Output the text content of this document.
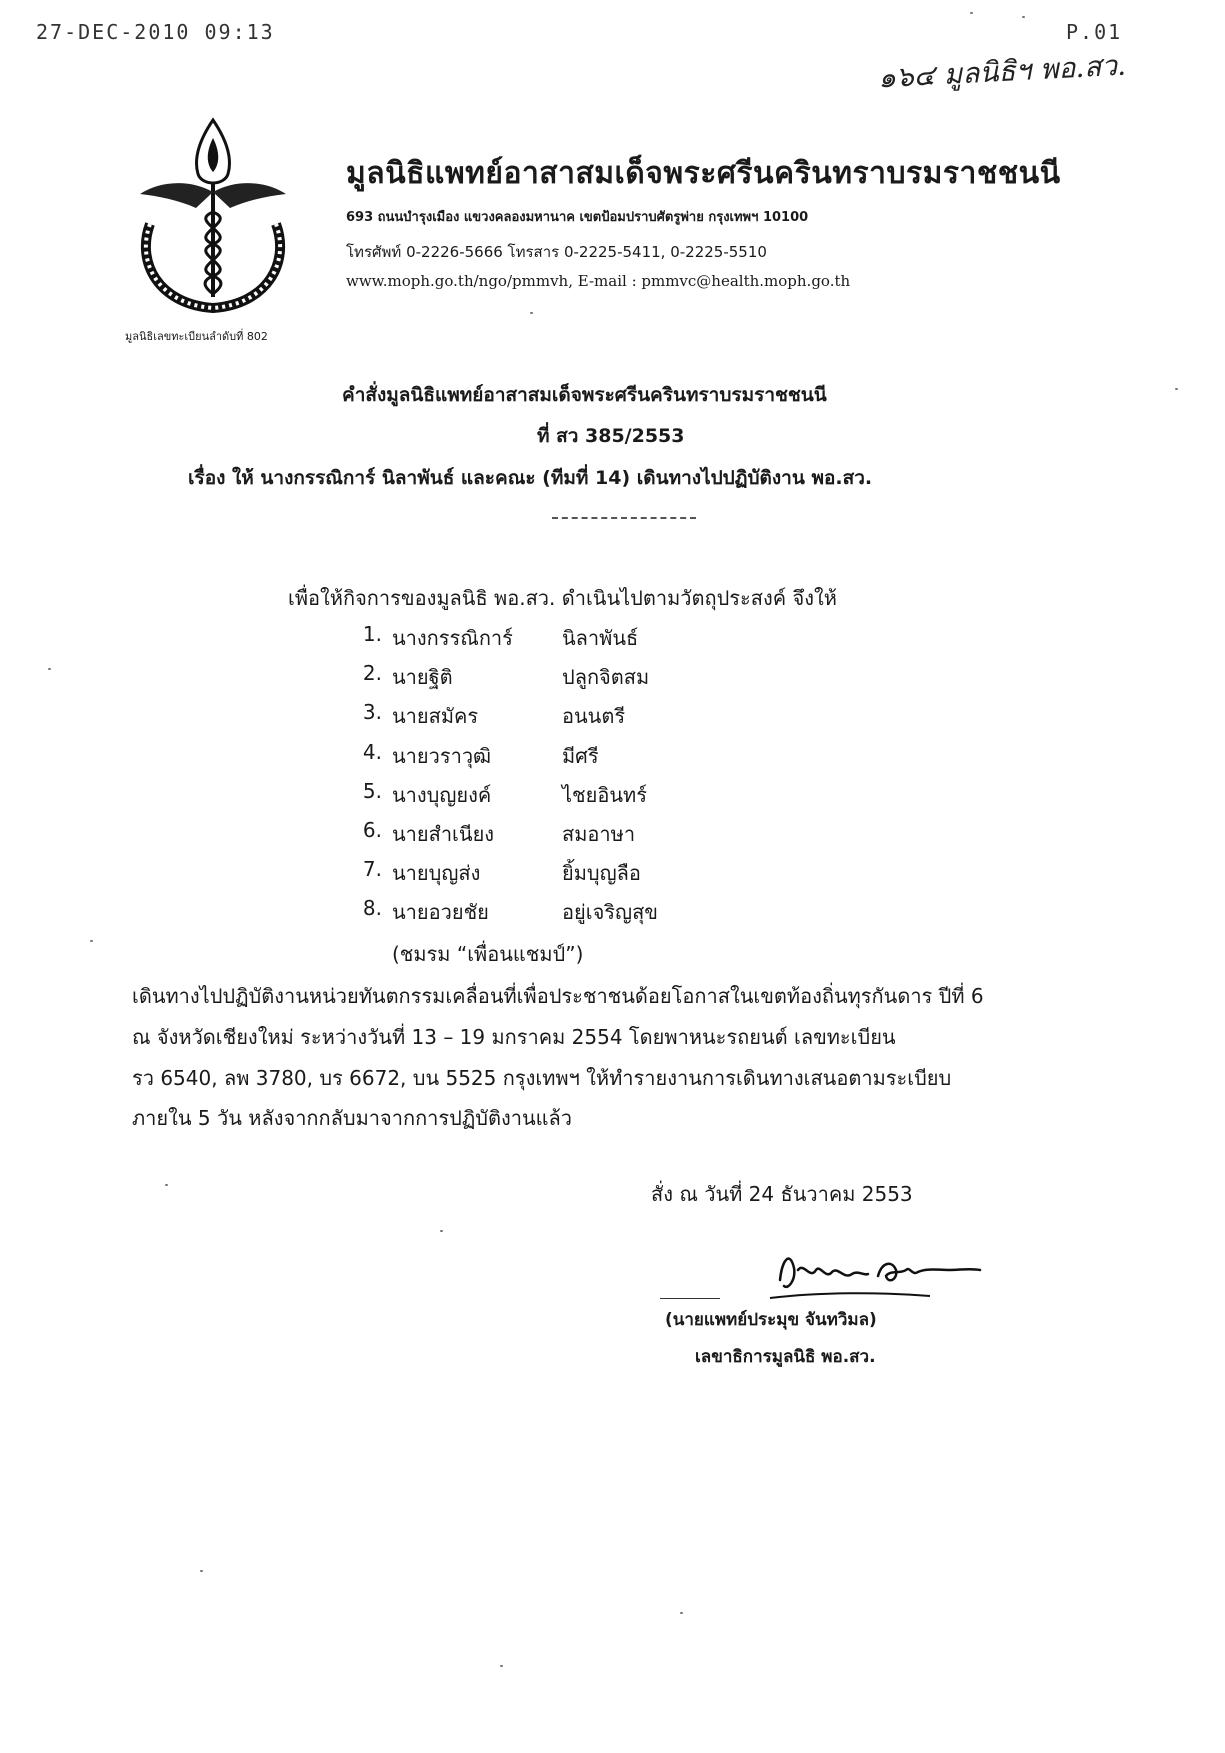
27-DEC-2010 09:13	P.01
๑๖๔ มูลนิธิฯ พอ.สว.
มูลนิธิเลขทะเบียนลำดับที่ 802
มูลนิธิแพทย์อาสาสมเด็จพระศรีนครินทราบรมราชชนนี
693 ถนนบำรุงเมือง แขวงคลองมหานาค เขตป้อมปราบศัตรูพ่าย กรุงเทพฯ 10100
โทรศัพท์ 0-2226-5666 โทรสาร 0-2225-5411, 0-2225-5510
www.moph.go.th/ngo/pmmvh, E-mail : pmmvc@health.moph.go.th
คำสั่งมูลนิธิแพทย์อาสาสมเด็จพระศรีนครินทราบรมราชชนนี
ที่ สว 385/2553
เรื่อง ให้ นางกรรณิการ์ นิลาพันธ์ และคณะ (ทีมที่ 14) เดินทางไปปฏิบัติงาน พอ.สว.
เพื่อให้กิจการของมูลนิธิ พอ.สว. ดำเนินไปตามวัตถุประสงค์ จึงให้
1. นางกรรณิการ์ นิลาพันธ์
2. นายฐิติ	ปลูกจิตสม
3. นายสมัคร	อนนตรี
4. นายวราวุฒิ	มีศรี
5. นางบุญยงค์	ไชยอินทร์
6. นายสำเนียง	สมอาษา
7. นายบุญส่ง	ยิ้มบุญลือ
8. นายอวยชัย	อยู่เจริญสุข
(ชมรม “เพื่อนแชมป์”)
เดินทางไปปฏิบัติงานหน่วยทันตกรรมเคลื่อนที่เพื่อประชาชนด้อยโอกาสในเขตท้องถิ่นทุรกันดาร ปีที่ 6
ณ จังหวัดเชียงใหม่ ระหว่างวันที่ 13 – 19 มกราคม 2554 โดยพาหนะรถยนต์ เลขทะเบียน
รว 6540, ลพ 3780, บร 6672, บน 5525 กรุงเทพฯ ให้ทำรายงานการเดินทางเสนอตามระเบียบ
ภายใน 5 วัน หลังจากกลับมาจากการปฏิบัติงานแล้ว
สั่ง ณ วันที่ 24 ธันวาคม 2553
(นายแพทย์ประมุข จันทวิมล)
เลขาธิการมูลนิธิ พอ.สว.
